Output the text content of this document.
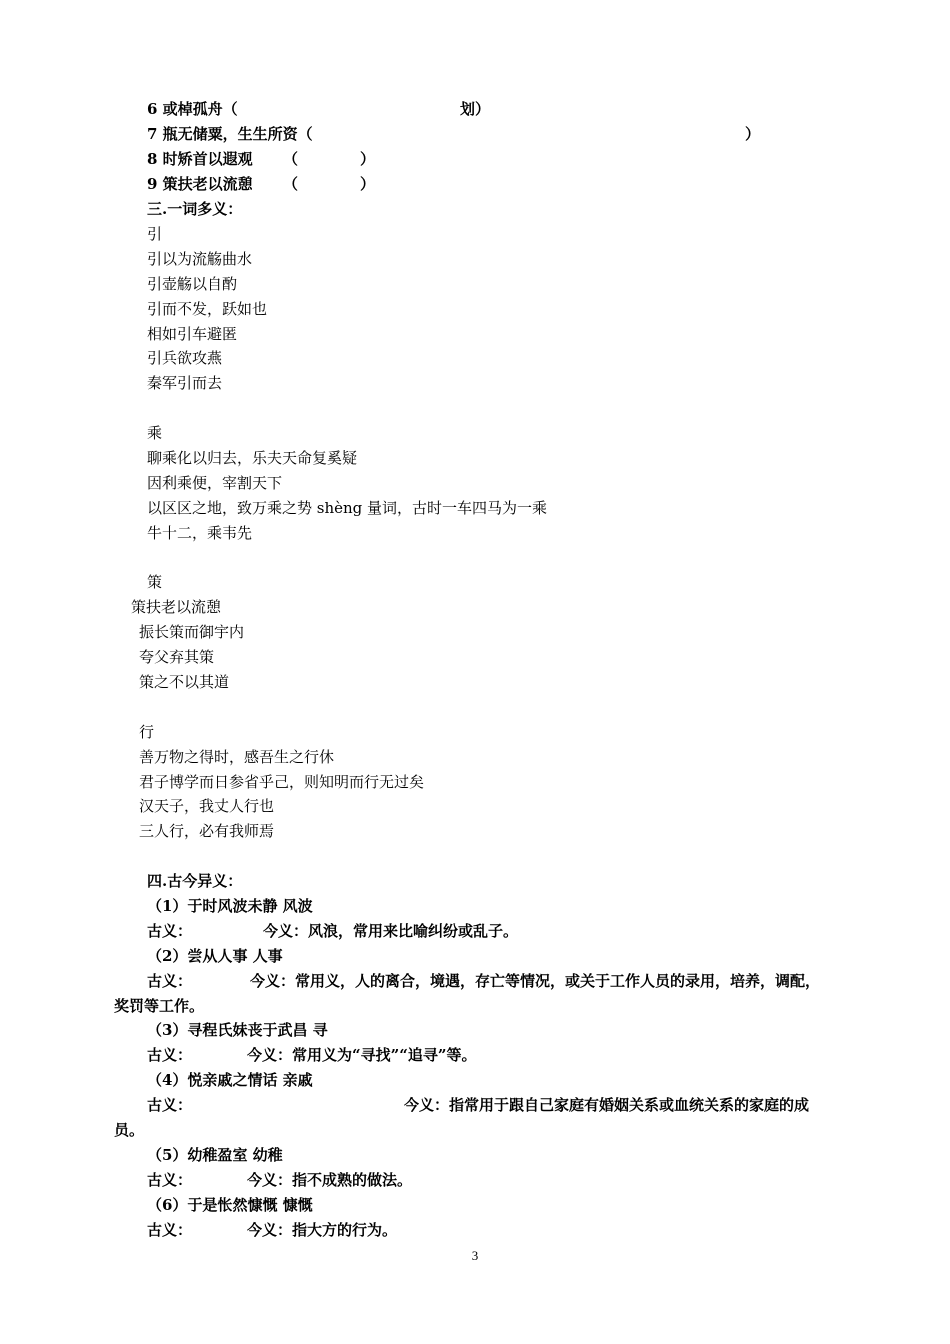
6 或棹孤舟（	划）
7 瓶无储粟，生生所资（	）
8 时矫首以遐观 （	）
9 策扶老以流憩 （	）
三.一词多义：
引
引以为流觞曲水
引壶觞以自酌
引而不发，跃如也
相如引车避匿
引兵欲攻燕
秦军引而去
乘
聊乘化以归去，乐夫天命复奚疑
因利乘便，宰割天下
以区区之地，致万乘之势 shèng 量词，古时一车四马为一乘
牛十二，乘韦先
策
策扶老以流憩
振长策而御宇内
夸父弃其策
策之不以其道
行
善万物之得时，感吾生之行休
君子博学而日参省乎己，则知明而行无过矣
汉天子，我丈人行也
三人行，必有我师焉
四.古今异义：
（1）于时风波未静 风波
古义：	今义：风浪，常用来比喻纠纷或乱子。
（2）尝从人事 人事
古义：	今义：常用义，人的离合，境遇，存亡等情况，或关于工作人员的录用，培养，调配，
奖罚等工作。
（3）寻程氏妹丧于武昌 寻
古义：	今义：常用义为“寻找”“追寻”等。
（4）悦亲戚之情话 亲戚
古义：	今义：指常用于跟自己家庭有婚姻关系或血统关系的家庭的成
员。
（5）幼稚盈室 幼稚
古义：	今义：指不成熟的做法。
（6）于是怅然慷慨 慷慨
古义：	今义：指大方的行为。
3
